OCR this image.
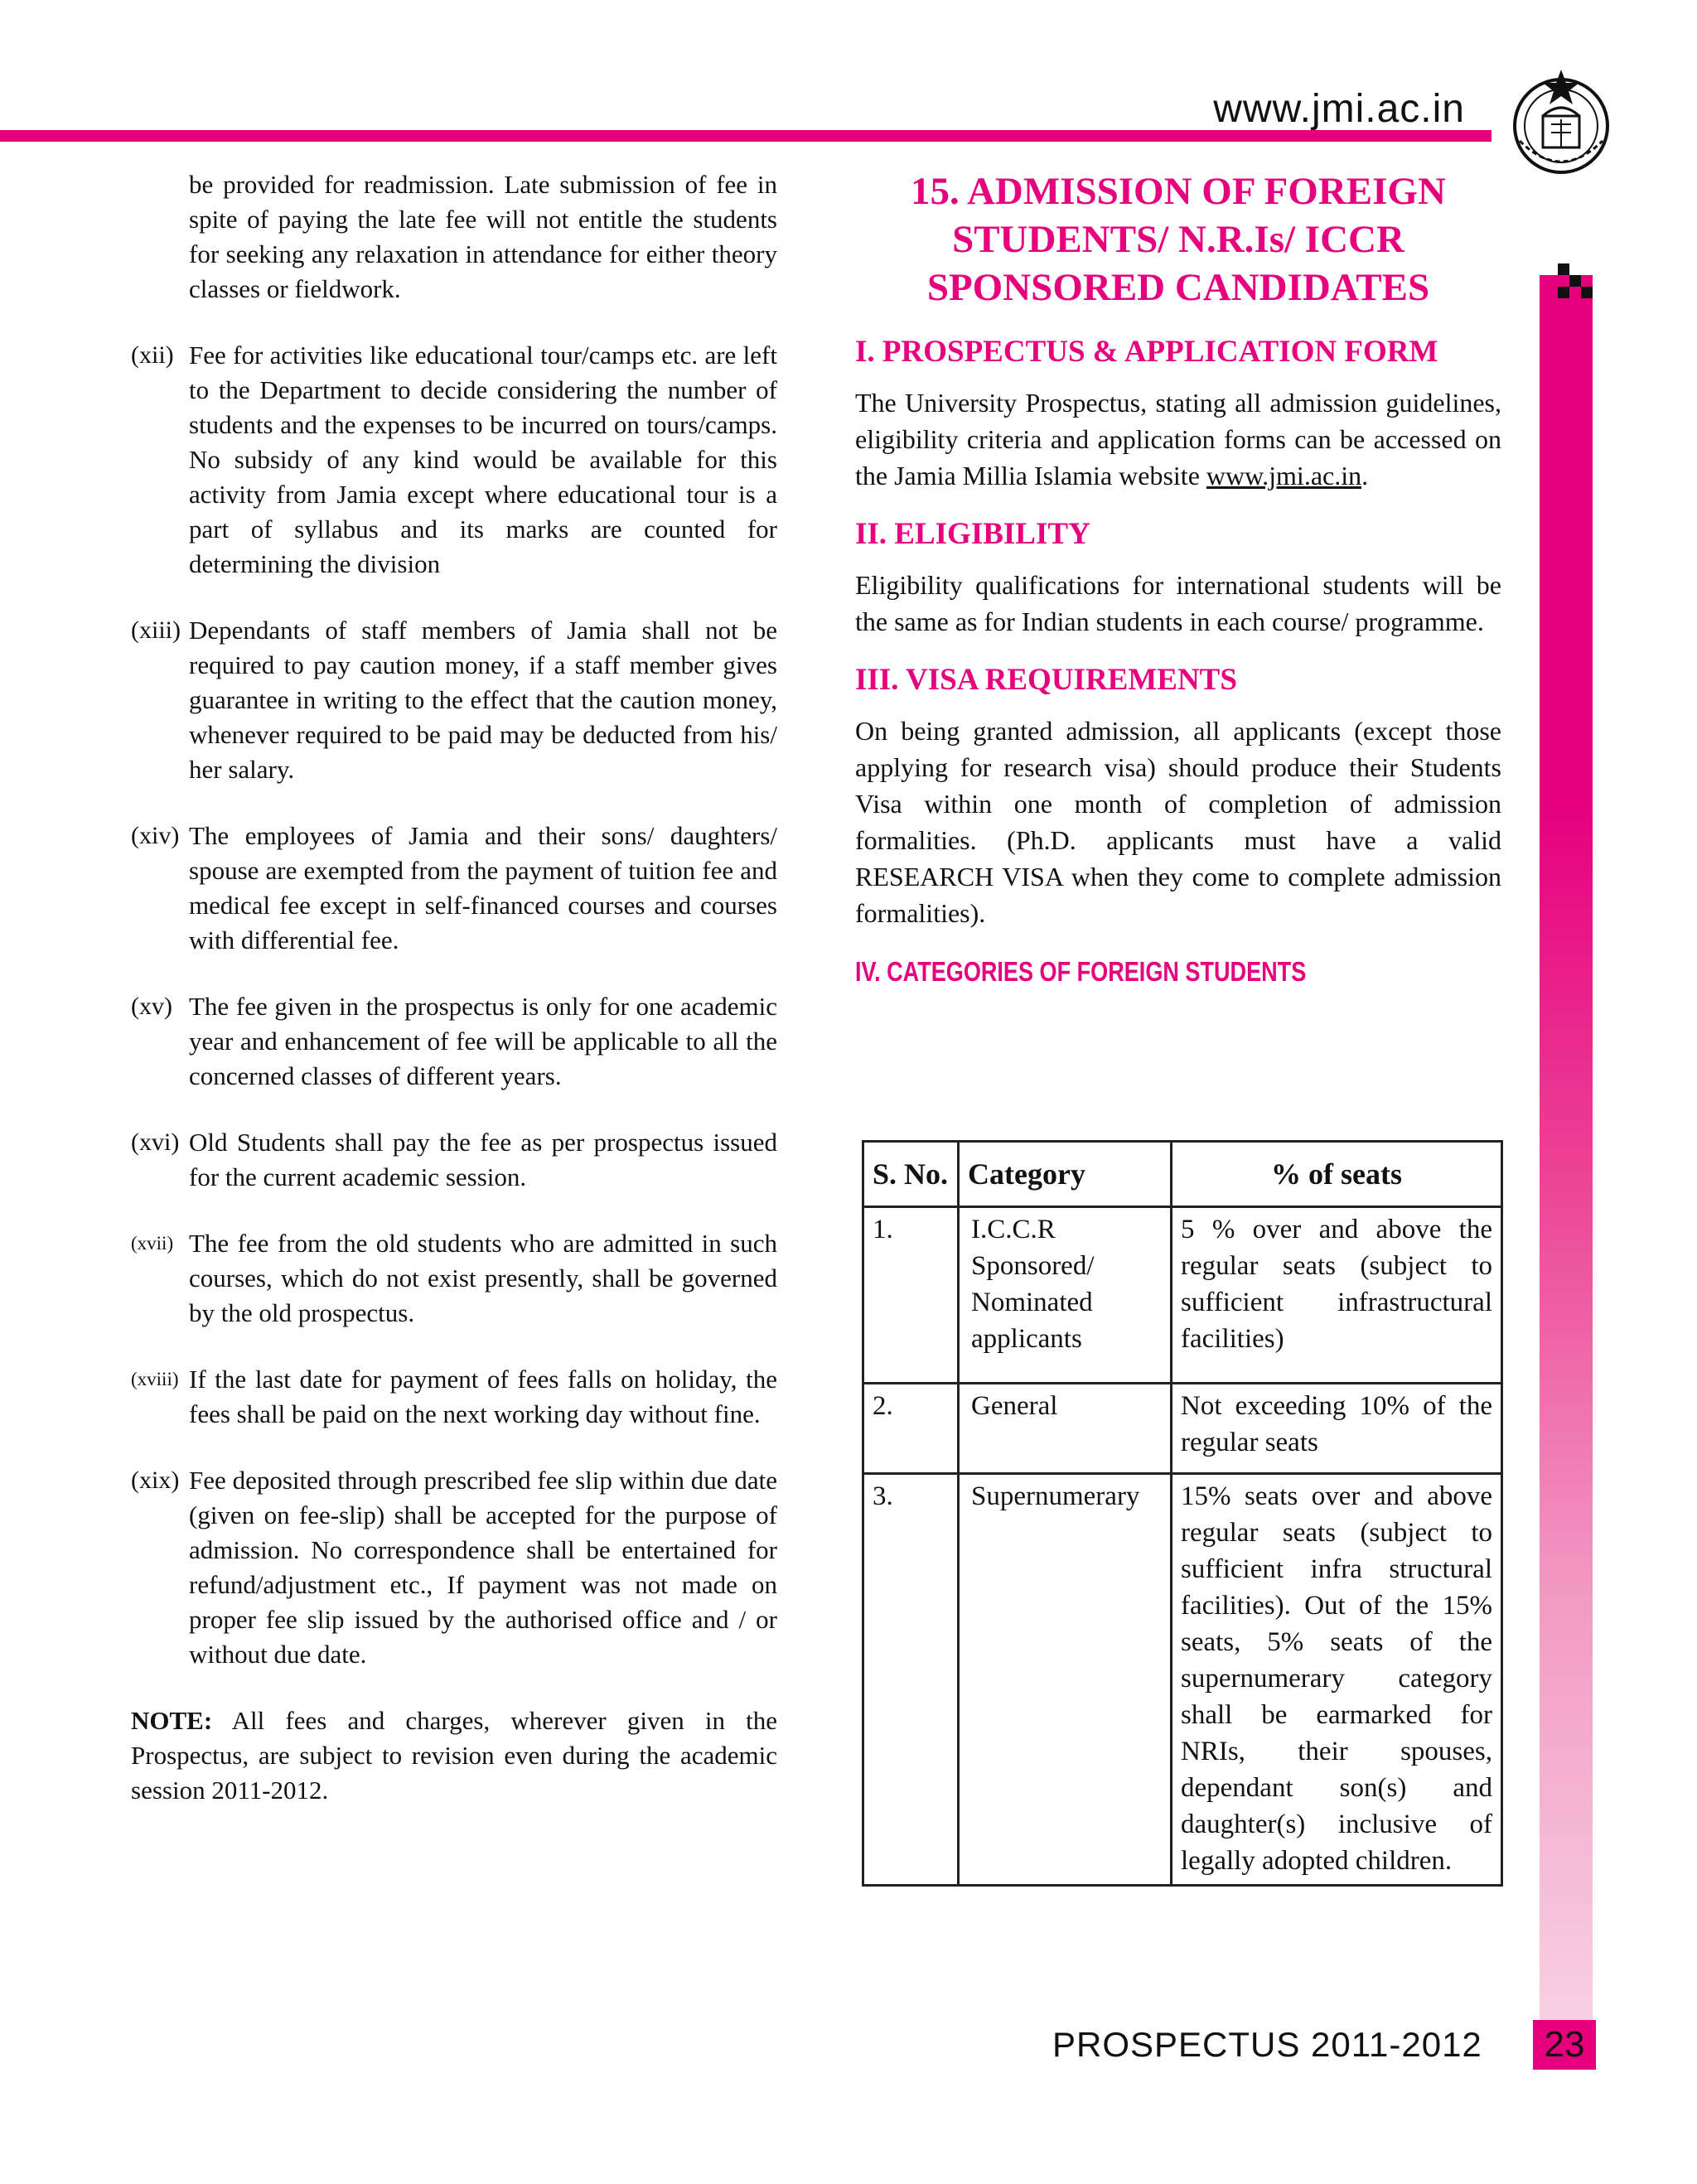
www.jmi.ac.in
be provided for readmission. Late submission of fee in spite of paying the late fee will not entitle the students for seeking any relaxation in attendance for either theory classes or fieldwork.
(xii) Fee for activities like educational tour/camps etc. are left to the Department to decide considering the number of students and the expenses to be incurred on tours/camps. No subsidy of any kind would be available for this activity from Jamia except where educational tour is a part of syllabus and its marks are counted for determining the division
(xiii) Dependants of staff members of Jamia shall not be required to pay caution money, if a staff member gives guarantee in writing to the effect that the caution money, whenever required to be paid may be deducted from his/ her salary.
(xiv) The employees of Jamia and their sons/ daughters/ spouse are exempted from the payment of tuition fee and medical fee except in self-financed courses and courses with differential fee.
(xv) The fee given in the prospectus is only for one academic year and enhancement of fee will be applicable to all the concerned classes of different years.
(xvi) Old Students shall pay the fee as per prospectus issued for the current academic session.
(xvii) The fee from the old students who are admitted in such courses, which do not exist presently, shall be governed by the old prospectus.
(xviii) If the last date for payment of fees falls on holiday, the fees shall be paid on the next working day without fine.
(xix) Fee deposited through prescribed fee slip within due date (given on fee-slip) shall be accepted for the purpose of admission. No correspondence shall be entertained for refund/adjustment etc., If payment was not made on proper fee slip issued by the authorised office and / or without due date.
NOTE: All fees and charges, wherever given in the Prospectus, are subject to revision even during the academic session 2011-2012.
15. ADMISSION OF FOREIGN
STUDENTS/ N.R.Is/ ICCR
SPONSORED CANDIDATES
I. PROSPECTUS & APPLICATION FORM
The University Prospectus, stating all admission guidelines, eligibility criteria and application forms can be accessed on the Jamia Millia Islamia website www.jmi.ac.in.
II. ELIGIBILITY
Eligibility qualifications for international students will be the same as for Indian students in each course/ programme.
III. VISA REQUIREMENTS
On being granted admission, all applicants (except those applying for research visa) should produce their Students Visa within one month of completion of admission formalities. (Ph.D. applicants must have a valid RESEARCH VISA when they come to complete admission formalities).
IV. CATEGORIES OF FOREIGN STUDENTS
S. No.	Category	% of seats
1.	I.C.C.R Sponsored/ Nominated applicants	5 % over and above the regular seats (subject to sufficient infrastructural facilities)
2.	General	Not exceeding 10% of the regular seats
3.	Supernumerary	15% seats over and above regular seats (subject to sufficient infra structural facilities). Out of the 15% seats, 5% seats of the supernumerary category shall be earmarked for NRIs, their spouses, dependant son(s) and daughter(s) inclusive of legally adopted children.
PROSPECTUS 2011-2012	23
